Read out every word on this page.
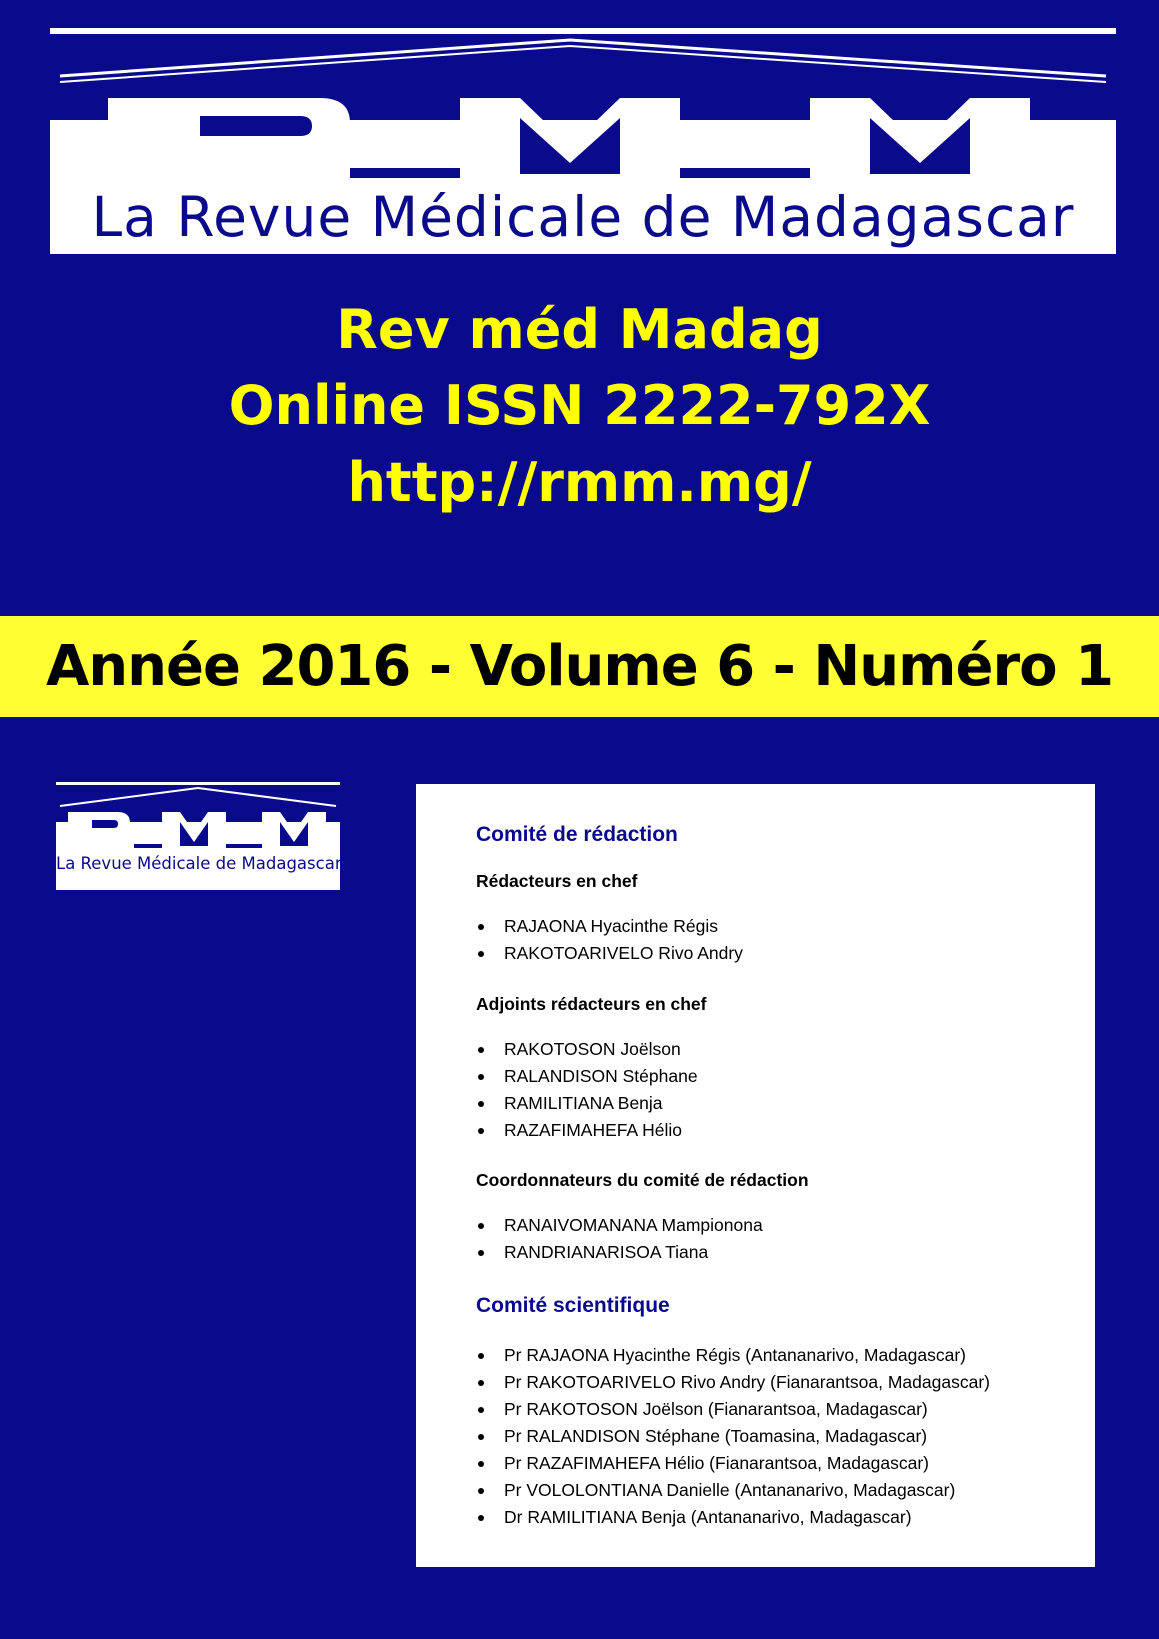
La Revue Médicale de Madagascar
Rev méd Madag
Online ISSN 2222-792X
http://rmm.mg/
Année 2016 - Volume 6 - Numéro 1
La Revue Médicale de Madagascar
Comité de rédaction
Rédacteurs en chef
RAJAONA Hyacinthe Régis
RAKOTOARIVELO Rivo Andry
Adjoints rédacteurs en chef
RAKOTOSON Joëlson
RALANDISON Stéphane
RAMILITIANA Benja
RAZAFIMAHEFA Hélio
Coordonnateurs du comité de rédaction
RANAIVOMANANA Mampionona
RANDRIANARISOA Tiana
Comité scientifique
Pr RAJAONA Hyacinthe Régis (Antananarivo, Madagascar)
Pr RAKOTOARIVELO Rivo Andry (Fianarantsoa, Madagascar)
Pr RAKOTOSON Joëlson (Fianarantsoa, Madagascar)
Pr RALANDISON Stéphane (Toamasina, Madagascar)
Pr RAZAFIMAHEFA Hélio (Fianarantsoa, Madagascar)
Pr VOLOLONTIANA Danielle (Antananarivo, Madagascar)
Dr RAMILITIANA Benja (Antananarivo, Madagascar)
